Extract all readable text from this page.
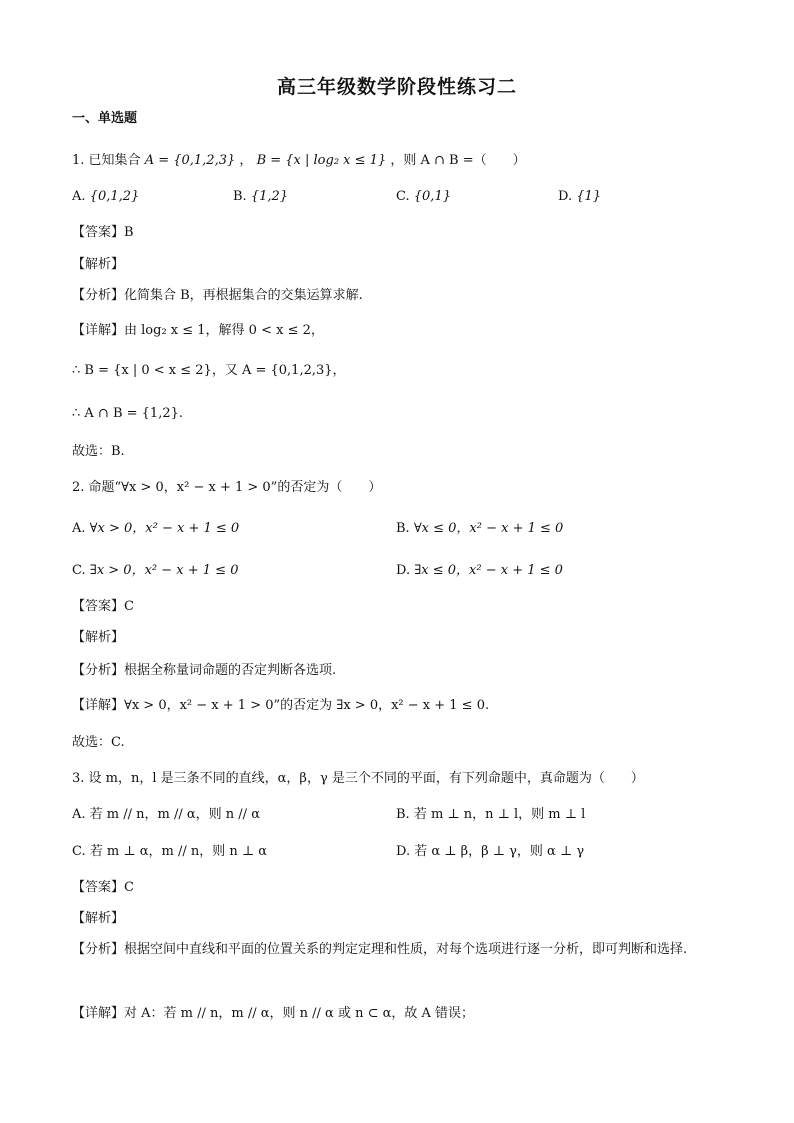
高三年级数学阶段性练习二
一、单选题
1. 已知集合 A = {0,1,2,3} ， B = {x | log₂ x ≤ 1} ，则 A ∩ B =（　　）
A. {0,1,2}	B. {1,2}	C. {0,1}	D. {1}
【答案】B
【解析】
【分析】化简集合 B，再根据集合的交集运算求解.
【详解】由 log₂ x ≤ 1，解得 0 < x ≤ 2，
∴ B = {x | 0 < x ≤ 2}，又 A = {0,1,2,3}，
∴ A ∩ B = {1,2}.
故选：B.
2. 命题“∀x > 0，x² − x + 1 > 0”的否定为（　　）
A. ∀x > 0，x² − x + 1 ≤ 0	B. ∀x ≤ 0，x² − x + 1 ≤ 0
C. ∃x > 0，x² − x + 1 ≤ 0	D. ∃x ≤ 0，x² − x + 1 ≤ 0
【答案】C
【解析】
【分析】根据全称量词命题的否定判断各选项.
【详解】∀x > 0，x² − x + 1 > 0”的否定为 ∃x > 0，x² − x + 1 ≤ 0.
故选：C.
3. 设 m，n，l 是三条不同的直线，α，β，γ 是三个不同的平面，有下列命题中，真命题为（　　）
A. 若 m // n，m // α，则 n // α	B. 若 m ⊥ n，n ⊥ l，则 m ⊥ l
C. 若 m ⊥ α，m // n，则 n ⊥ α	D. 若 α ⊥ β，β ⊥ γ，则 α ⊥ γ
【答案】C
【解析】
【分析】根据空间中直线和平面的位置关系的判定定理和性质，对每个选项进行逐一分析，即可判断和选择.
【详解】对 A：若 m // n，m // α，则 n // α 或 n ⊂ α，故 A 错误；
